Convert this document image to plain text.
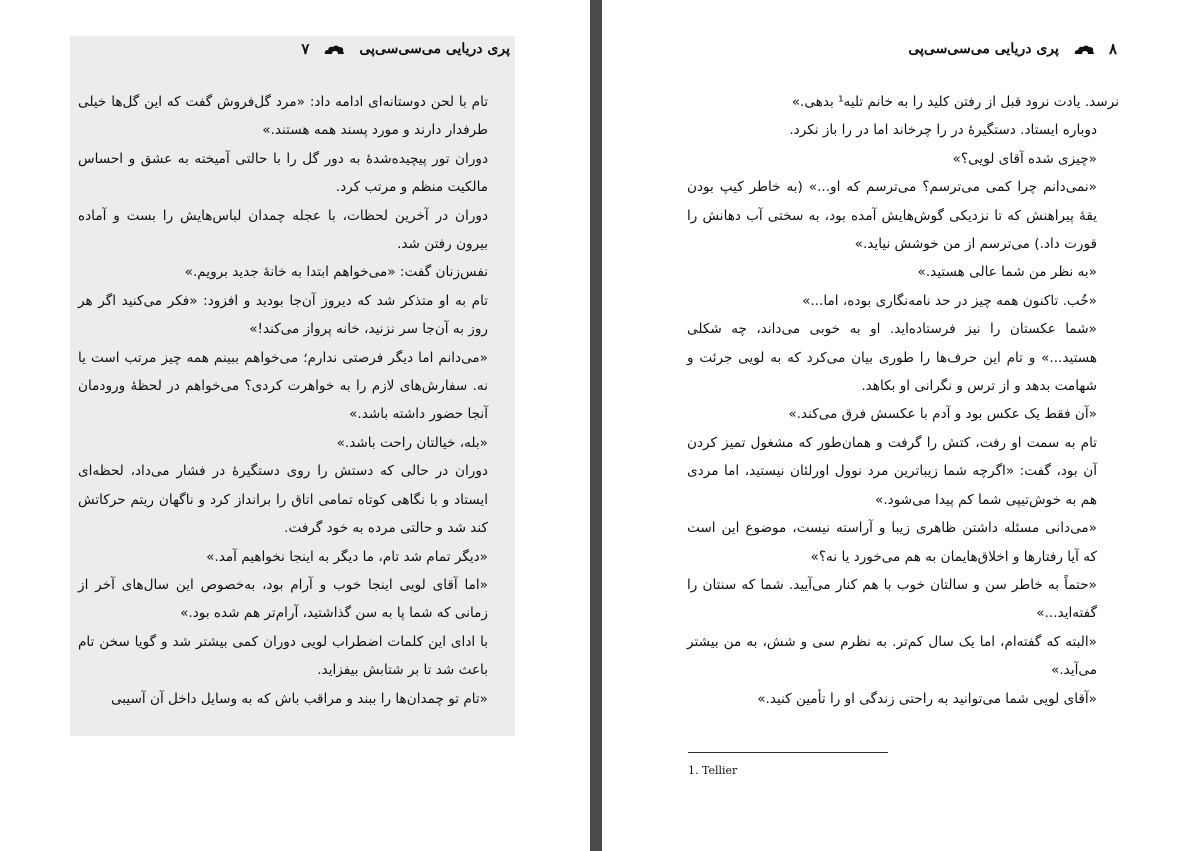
پری دریایی می‌سی‌سی‌پی
۷

تام با لحن دوستانه‌ای ادامه داد: «مرد گل‌فروش گفت که این گل‌ها خیلی طرفدار دارند و مورد پسند همه هستند.»

دوران تور پیچیده‌شدهٔ به دور گل را با حالتی آمیخته به عشق و احساس مالکیت منظم و مرتب کرد.

دوران در آخرین لحظات، با عجله چمدان لباس‌هایش را بست و آماده بیرون رفتن شد.

نفس‌زنان گفت: «می‌خواهم ابتدا به خانهٔ جدید برویم.»

تام به او متذکر شد که دیروز آن‌جا بودید و افزود: «فکر می‌کنید اگر هر روز به آن‌جا سر نزنید، خانه پرواز می‌کند!»

«می‌دانم اما دیگر فرصتی ندارم؛ می‌خواهم ببینم همه چیز مرتب است یا نه. سفارش‌های لازم را به خواهرت کردی؟ می‌خواهم در لحظهٔ ورودمان آنجا حضور داشته باشد.»

«بله، خیالتان راحت باشد.»

دوران در حالی که دستش را روی دستگیرهٔ در فشار می‌داد، لحظه‌ای ایستاد و با نگاهی کوتاه تمامی اتاق را برانداز کرد و ناگهان ریتم حرکاتش کند شد و حالتی مرده به خود گرفت.

«دیگر تمام شد تام، ما دیگر به اینجا نخواهیم آمد.»

«اما آقای لویی اینجا خوب و آرام بود، به‌خصوص این سال‌های آخر از زمانی که شما پا به سن گذاشتید، آرام‌تر هم شده بود.»

با ادای این کلمات اضطراب لویی دوران کمی بیشتر شد و گویا سخن تام باعث شد تا بر شتابش بیفزاید.

«تام تو چمدان‌ها را ببند و مراقب باش که به وسایل داخل آن آسیبی

۸
پری دریایی می‌سی‌سی‌پی

نرسد. یادت نرود قبل از رفتن کلید را به خانم تلیه¹ بدهی.»

دوباره ایستاد. دستگیرهٔ در را چرخاند اما در را باز نکرد.

«چیزی شده آقای لویی؟»

«نمی‌دانم چرا کمی می‌ترسم؟ می‌ترسم که او...» (به خاطر کیپ بودن یقهٔ پیراهنش که تا نزدیکی گوش‌هایش آمده بود، به سختی آب دهانش را قورت داد.) می‌ترسم از من خوشش نیاید.»

«به نظر من شما عالی هستید.»

«خُب. تاکنون همه چیز در حد نامه‌نگاری بوده، اما...»

«شما عکستان را نیز فرستاده‌اید. او به خوبی می‌داند، چه شکلی هستید...» و تام این حرف‌ها را طوری بیان می‌کرد که به لویی جرئت و شهامت بدهد و از ترس و نگرانی او بکاهد.

«آن فقط یک عکس بود و آدم با عکسش فرق می‌کند.»

تام به سمت او رفت، کتش را گرفت و همان‌طور که مشغول تمیز کردن آن بود، گفت: «اگرچه شما زیباترین مرد نوول اورلئان نیستید، اما مردی هم به خوش‌تیپی شما کم پیدا می‌شود.»

«می‌دانی مسئله داشتن ظاهری زیبا و آراسته نیست، موضوع این است که آیا رفتارها و اخلاق‌هایمان به هم می‌خورد یا نه؟»

«حتماً به خاطر سن و سالتان خوب با هم کنار می‌آیید. شما که سنتان را گفته‌اید...»

«البته که گفته‌ام، اما یک سال کم‌تر. به نظرم سی و شش، به من بیشتر می‌آید.»

«آقای لویی شما می‌توانید به راحتی زندگی او را تأمین کنید.»

1. Tellier
